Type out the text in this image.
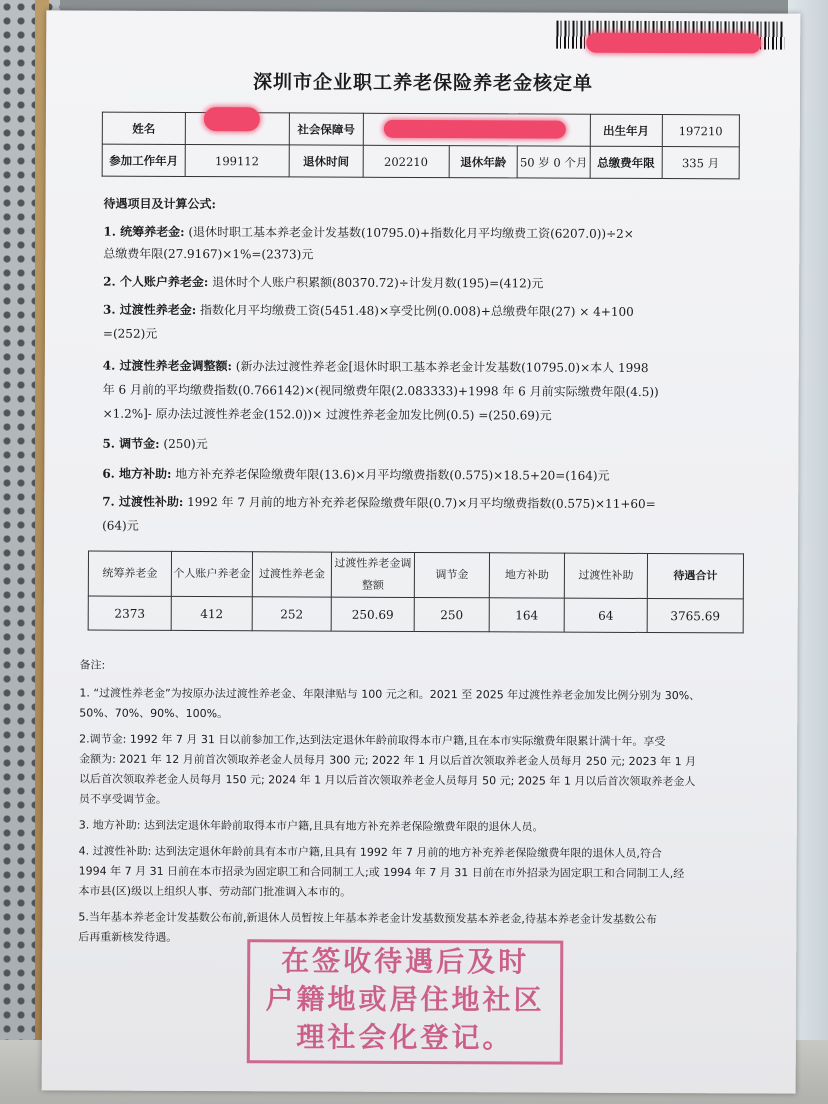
深圳市企业职工养老保险养老金核定单
姓名		社会保障号				出生年月	197210
参加工作年月	199112	退休时间	202210	退休年龄	50 岁 0 个月	总缴费年限	335 月
待遇项目及计算公式:
1. 统筹养老金: (退休时职工基本养老金计发基数(10795.0)+指数化月平均缴费工资(6207.0))÷2×
总缴费年限(27.9167)×1%=(2373)元
2. 个人账户养老金: 退休时个人账户积累额(80370.72)÷计发月数(195)=(412)元
3. 过渡性养老金: 指数化月平均缴费工资(5451.48)×享受比例(0.008)+总缴费年限(27) × 4+100
=(252)元
4. 过渡性养老金调整额: (新办法过渡性养老金[退休时职工基本养老金计发基数(10795.0)×本人 1998
年 6 月前的平均缴费指数(0.766142)×(视同缴费年限(2.083333)+1998 年 6 月前实际缴费年限(4.5))
×1.2%]- 原办法过渡性养老金(152.0))× 过渡性养老金加发比例(0.5) =(250.69)元
5. 调节金: (250)元
6. 地方补助: 地方补充养老保险缴费年限(13.6)×月平均缴费指数(0.575)×18.5+20=(164)元
7. 过渡性补助: 1992 年 7 月前的地方补充养老保险缴费年限(0.7)×月平均缴费指数(0.575)×11+60=
(64)元
统筹养老金	个人账户养老金	过渡性养老金	过渡性养老金调整额	调节金	地方补助	过渡性补助	待遇合计
2373	412	252	250.69	250	164	64	3765.69
备注:
1. “过渡性养老金”为按原办法过渡性养老金、年限津贴与 100 元之和。2021 至 2025 年过渡性养老金加发比例分别为 30%、
50%、70%、90%、100%。
2.调节金: 1992 年 7 月 31 日以前参加工作,达到法定退休年龄前取得本市户籍,且在本市实际缴费年限累计满十年。享受
金额为: 2021 年 12 月前首次领取养老金人员每月 300 元; 2022 年 1 月以后首次领取养老金人员每月 250 元; 2023 年 1 月
以后首次领取养老金人员每月 150 元; 2024 年 1 月以后首次领取养老金人员每月 50 元; 2025 年 1 月以后首次领取养老金人
员不享受调节金。
3. 地方补助: 达到法定退休年龄前取得本市户籍,且具有地方补充养老保险缴费年限的退休人员。
4. 过渡性补助: 达到法定退休年龄前具有本市户籍,且具有 1992 年 7 月前的地方补充养老保险缴费年限的退休人员,符合
1994 年 7 月 31 日前在本市招录为固定职工和合同制工人;或 1994 年 7 月 31 日前在市外招录为固定职工和合同制工人,经
本市县(区)级以上组织人事、劳动部门批准调入本市的。
5.当年基本养老金计发基数公布前,新退休人员暂按上年基本养老金计发基数预发基本养老金,待基本养老金计发基数公布
后再重新核发待遇。
在签收待遇后及时
户籍地或居住地社区
理社会化登记。
